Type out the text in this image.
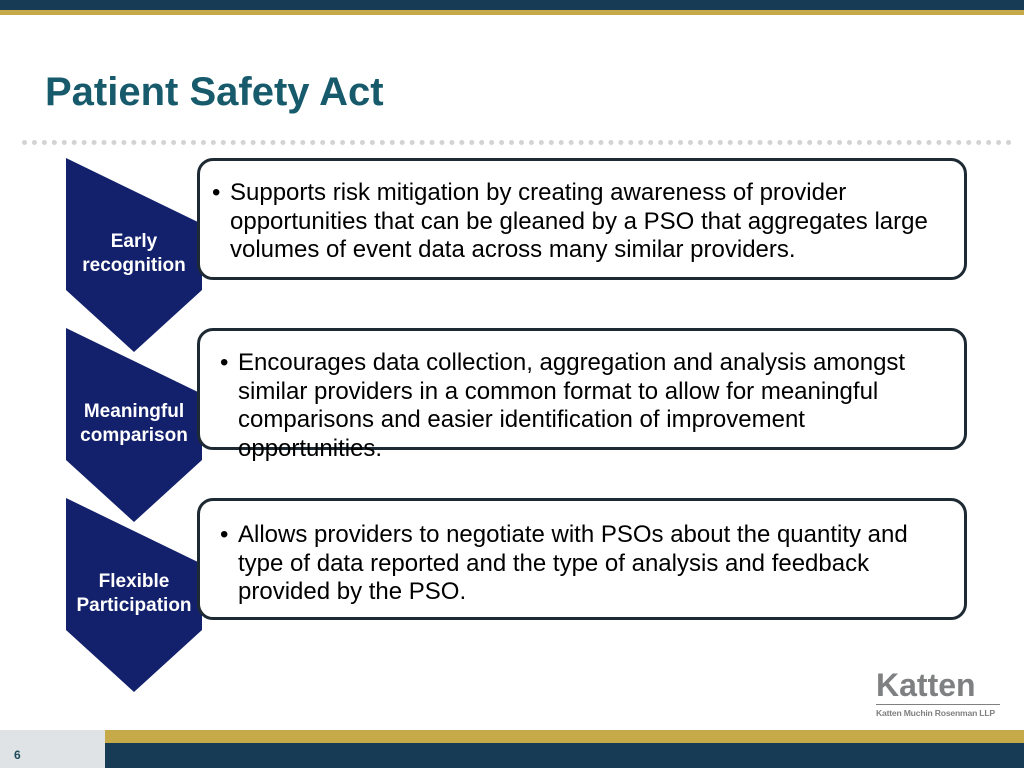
Patient Safety Act
Early
recognition
Meaningful
comparison
Flexible
Participation
• Supports risk mitigation by creating awareness of provider opportunities that can be gleaned by a PSO that aggregates large volumes of event data across many similar providers.
• Encourages data collection, aggregation and analysis amongst similar providers in a common format to allow for meaningful comparisons and easier identification of improvement opportunities.
• Allows providers to negotiate with PSOs about the quantity and type of data reported and the type of analysis and feedback provided by the PSO.
Katten
Katten Muchin Rosenman LLP
6
